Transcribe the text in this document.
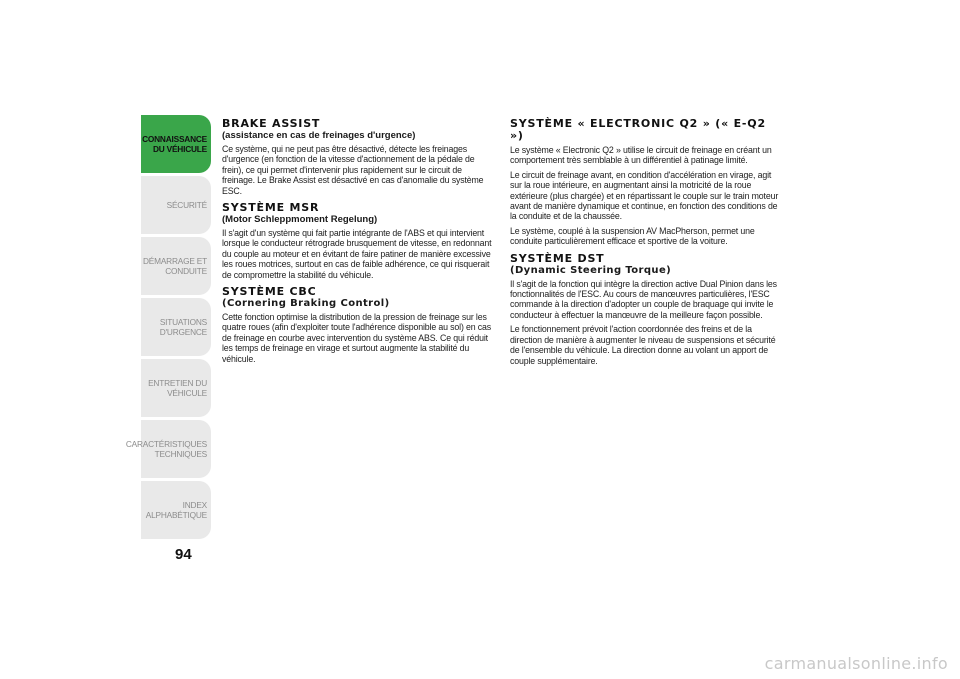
CONNAISSANCE
DU VÉHICULE
SÉCURITÉ
DÉMARRAGE ET
CONDUITE
SITUATIONS
D'URGENCE
ENTRETIEN DU
VÉHICULE
CARACTÉRISTIQUES
TECHNIQUES
INDEX
ALPHABÉTIQUE
94
BRAKE ASSIST
(assistance en cas de freinages d'urgence)

Ce système, qui ne peut pas être désactivé, détecte les freinages d'urgence (en fonction de la vitesse d'actionnement de la pédale de frein), ce qui permet d'intervenir plus rapidement sur le circuit de freinage. Le Brake Assist est désactivé en cas d'anomalie du système ESC.

SYSTÈME MSR
(Motor Schleppmoment Regelung)

Il s'agit d'un système qui fait partie intégrante de l'ABS et qui intervient lorsque le conducteur rétrograde brusquement de vitesse, en redonnant du couple au moteur et en évitant de faire patiner de manière excessive les roues motrices, surtout en cas de faible adhérence, ce qui risquerait de compromettre la stabilité du véhicule.

SYSTÈME CBC
(Cornering Braking Control)

Cette fonction optimise la distribution de la pression de freinage sur les quatre roues (afin d'exploiter toute l'adhérence disponible au sol) en cas de freinage en courbe avec intervention du système ABS. Ce qui réduit les temps de freinage en virage et surtout augmente la stabilité du véhicule.

SYSTÈME « ELECTRONIC Q2 » (« E-Q2 »)

Le système « Electronic Q2 » utilise le circuit de freinage en créant un comportement très semblable à un différentiel à patinage limité.

Le circuit de freinage avant, en condition d'accélération en virage, agit sur la roue intérieure, en augmentant ainsi la motricité de la roue extérieure (plus chargée) et en répartissant le couple sur le train moteur avant de manière dynamique et continue, en fonction des conditions de la conduite et de la chaussée.

Le système, couplé à la suspension AV MacPherson, permet une conduite particulièrement efficace et sportive de la voiture.

SYSTÈME DST
(Dynamic Steering Torque)

Il s'agit de la fonction qui intègre la direction active Dual Pinion dans les fonctionnalités de l'ESC. Au cours de manœuvres particulières, l'ESC commande à la direction d'adopter un couple de braquage qui invite le conducteur à effectuer la manœuvre de la meilleure façon possible.

Le fonctionnement prévoit l'action coordonnée des freins et de la direction de manière à augmenter le niveau de suspensions et sécurité de l'ensemble du véhicule. La direction donne au volant un apport de couple supplémentaire.

carmanualsonline.info
